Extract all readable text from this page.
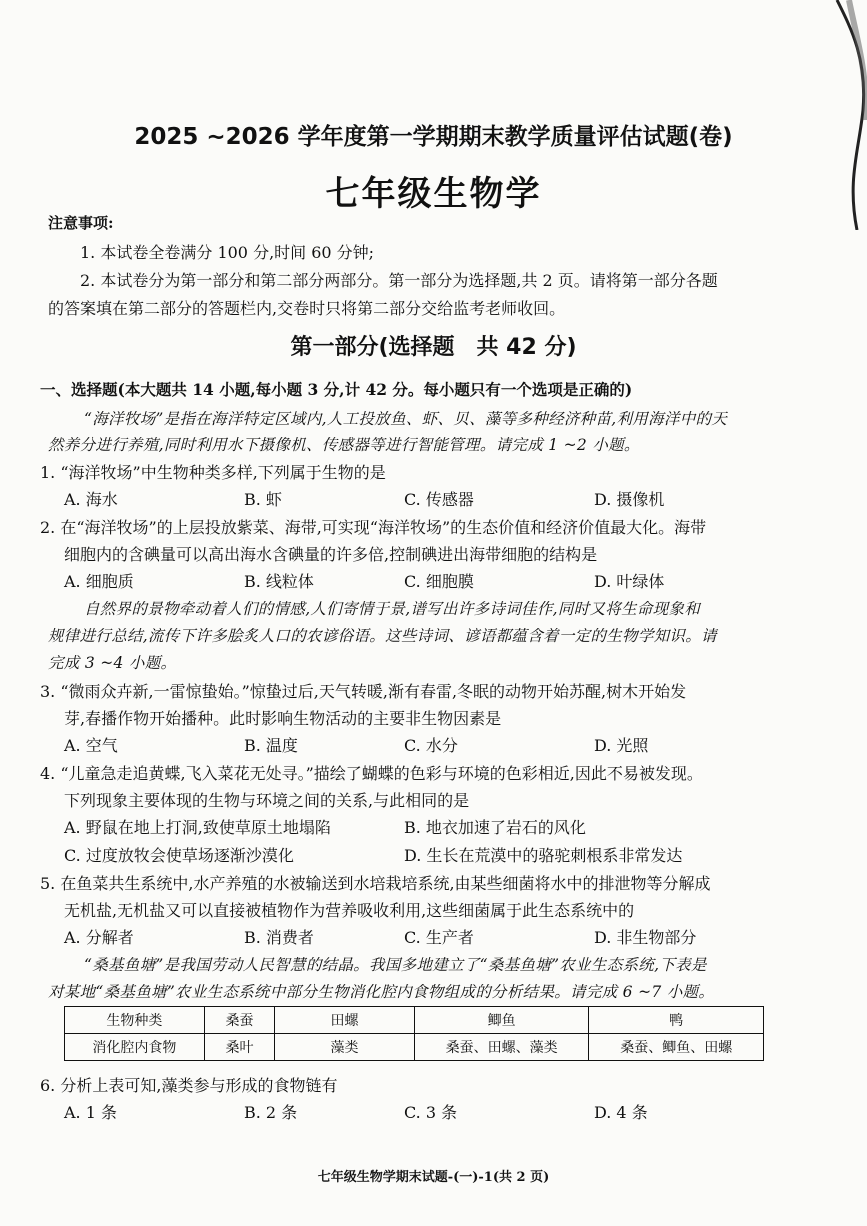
2025 ~2026 学年度第一学期期末教学质量评估试题(卷)
七年级生物学
注意事项:
1. 本试卷全卷满分 100 分,时间 60 分钟;
2. 本试卷分为第一部分和第二部分两部分。第一部分为选择题,共 2 页。请将第一部分各题
的答案填在第二部分的答题栏内,交卷时只将第二部分交给监考老师收回。
第一部分(选择题　共 42 分)
一、选择题(本大题共 14 小题,每小题 3 分,计 42 分。每小题只有一个选项是正确的)
“海洋牧场”是指在海洋特定区域内,人工投放鱼、虾、贝、藻等多种经济种苗,利用海洋中的天
然养分进行养殖,同时利用水下摄像机、传感器等进行智能管理。请完成 1 ~2 小题。
1. “海洋牧场”中生物种类多样,下列属于生物的是
A. 海水	B. 虾	C. 传感器	D. 摄像机
2. 在“海洋牧场”的上层投放紫菜、海带,可实现“海洋牧场”的生态价值和经济价值最大化。海带
细胞内的含碘量可以高出海水含碘量的许多倍,控制碘进出海带细胞的结构是
A. 细胞质	B. 线粒体	C. 细胞膜	D. 叶绿体
自然界的景物牵动着人们的情感,人们寄情于景,谱写出许多诗词佳作,同时又将生命现象和
规律进行总结,流传下许多脍炙人口的农谚俗语。这些诗词、谚语都蕴含着一定的生物学知识。请
完成 3 ~4 小题。
3. “微雨众卉新,一雷惊蛰始。”惊蛰过后,天气转暖,渐有春雷,冬眠的动物开始苏醒,树木开始发
芽,春播作物开始播种。此时影响生物活动的主要非生物因素是
A. 空气	B. 温度	C. 水分	D. 光照
4. “儿童急走追黄蝶,飞入菜花无处寻。”描绘了蝴蝶的色彩与环境的色彩相近,因此不易被发现。
下列现象主要体现的生物与环境之间的关系,与此相同的是
A. 野鼠在地上打洞,致使草原土地塌陷	B. 地衣加速了岩石的风化
C. 过度放牧会使草场逐渐沙漠化	D. 生长在荒漠中的骆驼刺根系非常发达
5. 在鱼菜共生系统中,水产养殖的水被输送到水培栽培系统,由某些细菌将水中的排泄物等分解成
无机盐,无机盐又可以直接被植物作为营养吸收利用,这些细菌属于此生态系统中的
A. 分解者	B. 消费者	C. 生产者	D. 非生物部分
“桑基鱼塘”是我国劳动人民智慧的结晶。我国多地建立了“桑基鱼塘”农业生态系统,下表是
对某地“桑基鱼塘”农业生态系统中部分生物消化腔内食物组成的分析结果。请完成 6 ~7 小题。
生物种类	桑蚕	田螺	鲫鱼	鸭
消化腔内食物	桑叶	藻类	桑蚕、田螺、藻类	桑蚕、鲫鱼、田螺
6. 分析上表可知,藻类参与形成的食物链有
A. 1 条	B. 2 条	C. 3 条	D. 4 条
七年级生物学期末试题-(一)-1(共 2 页)
